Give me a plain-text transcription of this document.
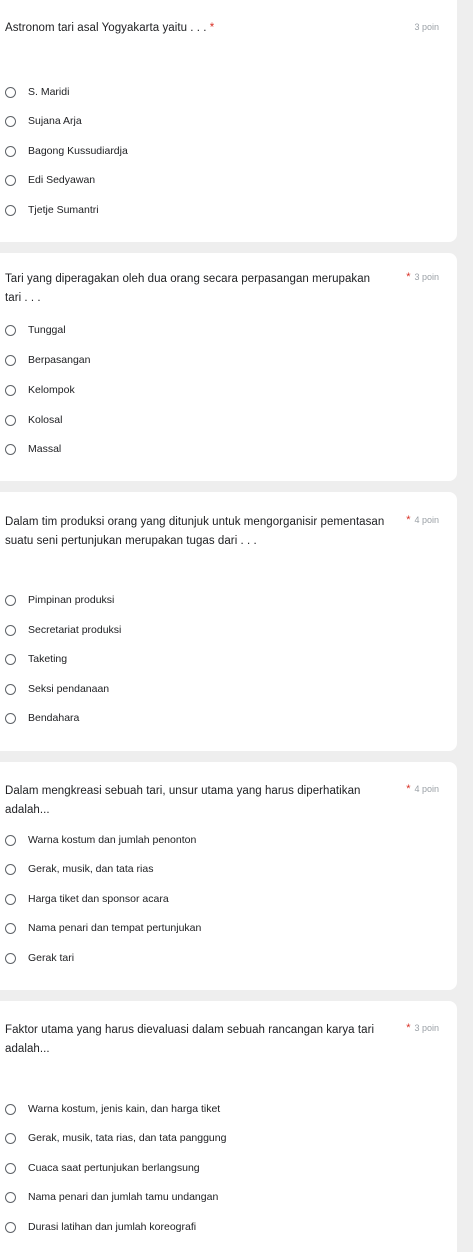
Astronom tari asal Yogyakarta yaitu . . . *	3 poin
S. Maridi
Sujana Arja
Bagong Kussudiardja
Edi Sedyawan
Tjetje Sumantri
Tari yang diperagakan oleh dua orang secara perpasangan merupakan tari . . .
* 3 poin
Tunggal
Berpasangan
Kelompok
Kolosal
Massal
Dalam tim produksi orang yang ditunjuk untuk mengorganisir pementasan suatu seni pertunjukan merupakan tugas dari . . .
* 4 poin
Pimpinan produksi
Secretariat produksi
Taketing
Seksi pendanaan
Bendahara
Dalam mengkreasi sebuah tari, unsur utama yang harus diperhatikan adalah...
* 4 poin
Warna kostum dan jumlah penonton
Gerak, musik, dan tata rias
Harga tiket dan sponsor acara
Nama penari dan tempat pertunjukan
Gerak tari
Faktor utama yang harus dievaluasi dalam sebuah rancangan karya tari adalah...
* 3 poin
Warna kostum, jenis kain, dan harga tiket
Gerak, musik, tata rias, dan tata panggung
Cuaca saat pertunjukan berlangsung
Nama penari dan jumlah tamu undangan
Durasi latihan dan jumlah koreografi
